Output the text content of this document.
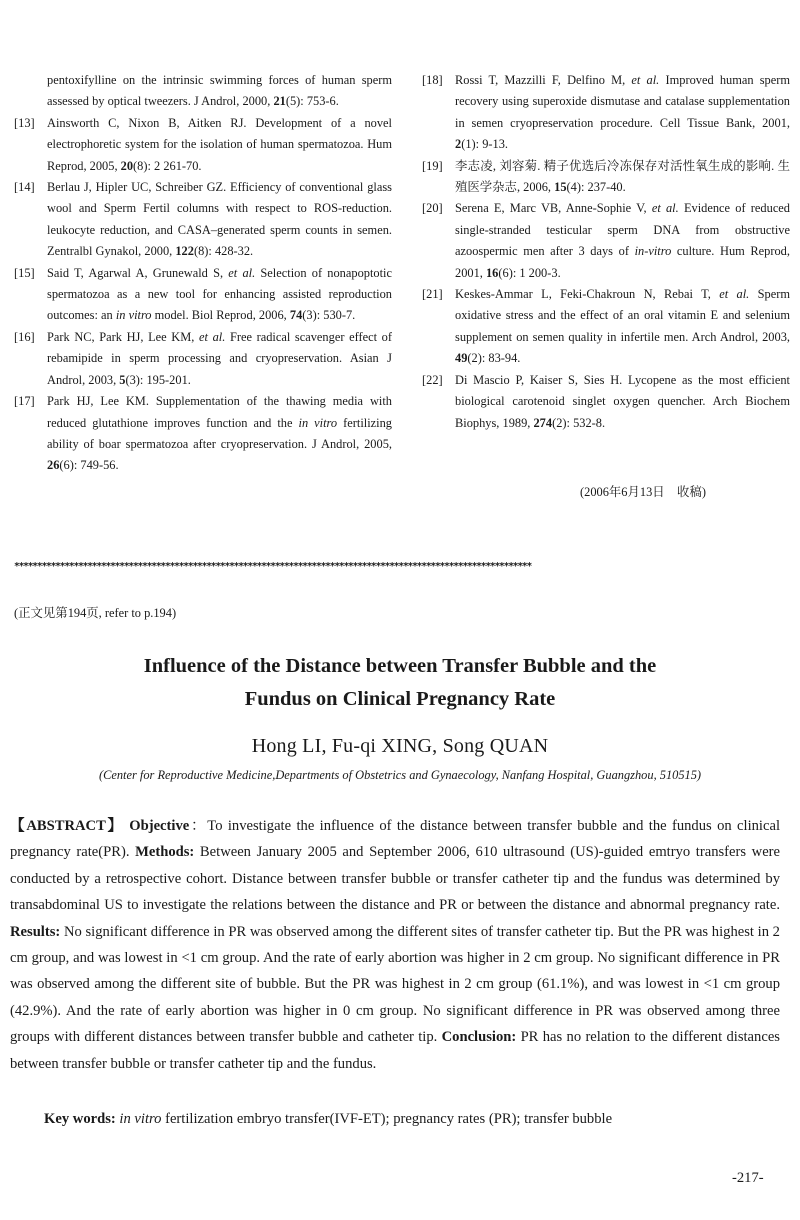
pentoxifylline on the intrinsic swimming forces of human sperm assessed by optical tweezers. J Androl, 2000, 21(5): 753-6.
[13] Ainsworth C, Nixon B, Aitken RJ. Development of a novel electrophoretic system for the isolation of human spermatozoa. Hum Reprod, 2005, 20(8): 2 261-70.
[14] Berlau J, Hipler UC, Schreiber GZ. Efficiency of conventional glass wool and Sperm Fertil columns with respect to ROS-reduction. leukocyte reduction, and CASA–generated sperm counts in semen. Zentralbl Gynakol, 2000, 122(8): 428-32.
[15] Said T, Agarwal A, Grunewald S, et al. Selection of nonapoptotic spermatozoa as a new tool for enhancing assisted reproduction outcomes: an in vitro model. Biol Reprod, 2006, 74(3): 530-7.
[16] Park NC, Park HJ, Lee KM, et al. Free radical scavenger effect of rebamipide in sperm processing and cryopreservation. Asian J Androl, 2003, 5(3): 195-201.
[17] Park HJ, Lee KM. Supplementation of the thawing media with reduced glutathione improves function and the in vitro fertilizing ability of boar spermatozoa after cryopreservation. J Androl, 2005, 26(6): 749-56.
[18] Rossi T, Mazzilli F, Delfino M, et al. Improved human sperm recovery using superoxide dismutase and catalase supplementation in semen cryopreservation procedure. Cell Tissue Bank, 2001, 2(1): 9-13.
[19] 李志凌, 刘容菊. 精子优选后冷冻保存对活性氧生成的影响. 生殖医学杂志, 2006, 15(4): 237-40.
[20] Serena E, Marc VB, Anne-Sophie V, et al. Evidence of reduced single-stranded testicular sperm DNA from obstructive azoospermic men after 3 days of in-vitro culture. Hum Reprod, 2001, 16(6): 1 200-3.
[21] Keskes-Ammar L, Feki-Chakroun N, Rebai T, et al. Sperm oxidative stress and the effect of an oral vitamin E and selenium supplement on semen quality in infertile men. Arch Androl, 2003, 49(2): 83-94.
[22] Di Mascio P, Kaiser S, Sies H. Lycopene as the most efficient biological carotenoid singlet oxygen quencher. Arch Biochem Biophys, 1989, 274(2): 532-8.
(2006年6月13日　收稿)
*****************************************************************************************************************
(正文见第194页, refer to p.194)
Influence of the Distance between Transfer Bubble and the
Fundus on Clinical Pregnancy Rate
Hong LI, Fu-qi XING, Song QUAN
(Center for Reproductive Medicine,Departments of Obstetrics and Gynaecology, Nanfang Hospital, Guangzhou, 510515)
【ABSTRACT】 Objective：To investigate the influence of the distance between transfer bubble and the fundus on clinical pregnancy rate(PR). Methods: Between January 2005 and September 2006, 610 ultrasound (US)-guided emtryo transfers were conducted by a retrospective cohort. Distance between transfer bubble or transfer catheter tip and the fundus was determined by transabdominal US to investigate the relations between the distance and PR or between the distance and abnormal pregnancy rate. Results: No significant difference in PR was observed among the different sites of transfer catheter tip. But the PR was highest in 2 cm group, and was lowest in <1 cm group. And the rate of early abortion was higher in 2 cm group. No significant difference in PR was observed among the different site of bubble. But the PR was highest in 2 cm group (61.1%), and was lowest in <1 cm group (42.9%). And the rate of early abortion was higher in 0 cm group. No significant difference in PR was observed among three groups with different distances between transfer bubble and catheter tip. Conclusion: PR has no relation to the different distances between transfer bubble or transfer catheter tip and the fundus.
Key words: in vitro fertilization embryo transfer(IVF-ET); pregnancy rates (PR); transfer bubble
-217-
